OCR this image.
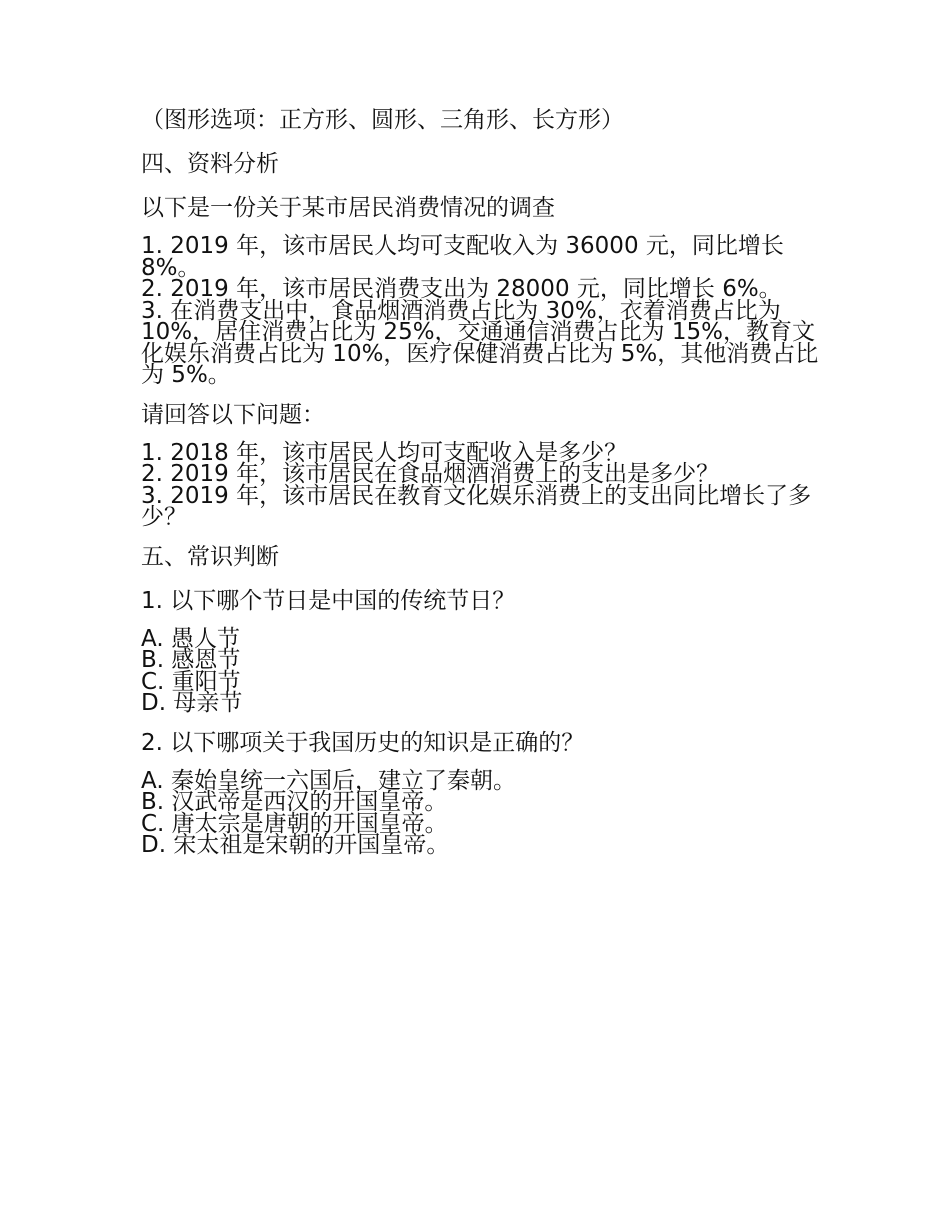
（图形选项：正方形、圆形、三角形、长方形）
四、资料分析
以下是一份关于某市居民消费情况的调查
1. 2019 年，该市居民人均可支配收入为 36000 元，同比增长 8%。
2. 2019 年，该市居民消费支出为 28000 元，同比增长 6%。
3. 在消费支出中，食品烟酒消费占比为 30%，衣着消费占比为 10%，居住消费占比为 25%，交通通信消费占比为 15%，教育文化娱乐消费占比为 10%，医疗保健消费占比为 5%，其他消费占比为 5%。
请回答以下问题：
1. 2018 年，该市居民人均可支配收入是多少？
2. 2019 年，该市居民在食品烟酒消费上的支出是多少？
3. 2019 年，该市居民在教育文化娱乐消费上的支出同比增长了多少？
五、常识判断
1. 以下哪个节日是中国的传统节日？
A. 愚人节
B. 感恩节
C. 重阳节
D. 母亲节
2. 以下哪项关于我国历史的知识是正确的？
A. 秦始皇统一六国后，建立了秦朝。
B. 汉武帝是西汉的开国皇帝。
C. 唐太宗是唐朝的开国皇帝。
D. 宋太祖是宋朝的开国皇帝。
